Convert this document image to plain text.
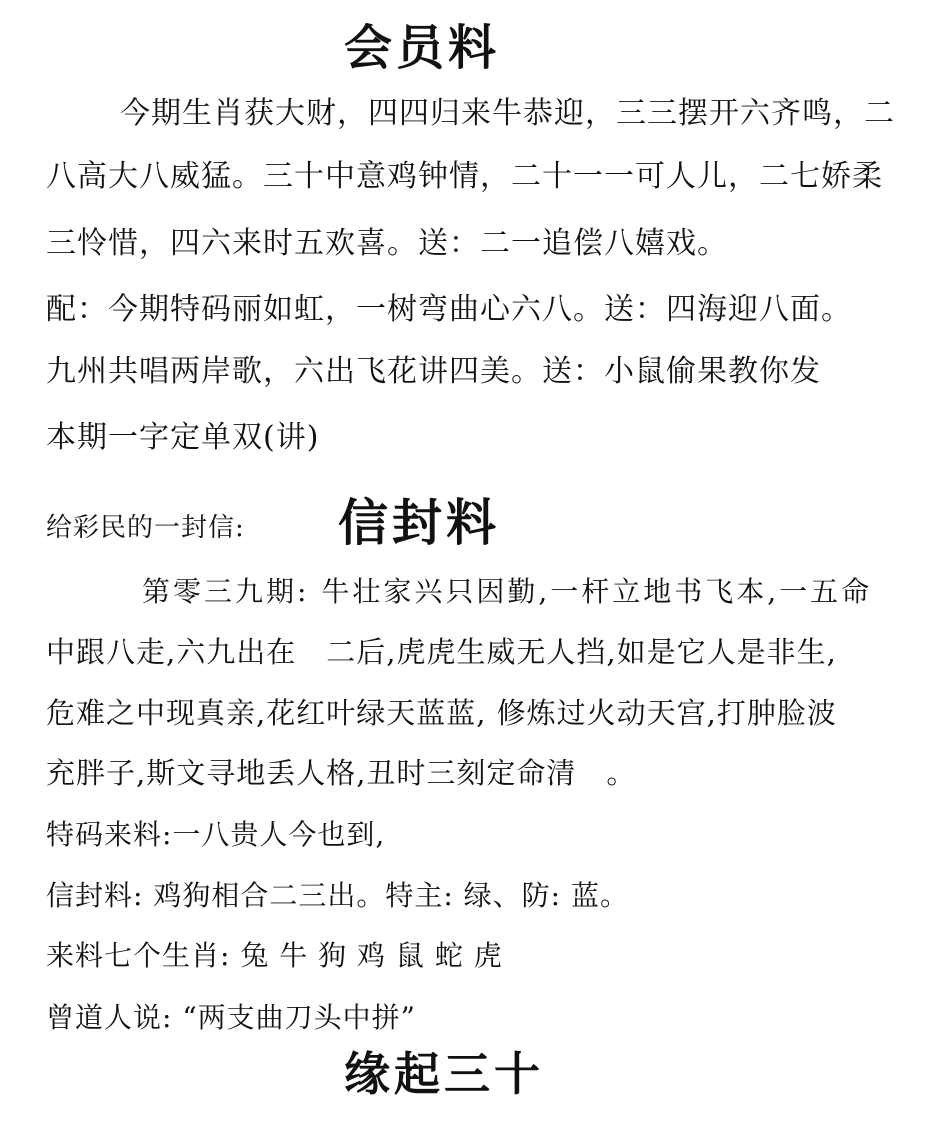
会员料
今期生肖获大财，四四归来牛恭迎，三三摆开六齐鸣，二
八高大八威猛。三十中意鸡钟情，二十一一可人儿，二七娇柔
三怜惜，四六来时五欢喜。送：二一追偿八嬉戏。
配：今期特码丽如虹，一树弯曲心六八。送：四海迎八面。
九州共唱两岸歌，六出飞花讲四美。送：小鼠偷果教你发
本期一字定单双(讲)
给彩民的一封信: 信封料
第零三九期: 牛壮家兴只因勤,一杆立地书飞本,一五命
中跟八走,六九出在　二后,虎虎生威无人挡,如是它人是非生,
危难之中现真亲,花红叶绿天蓝蓝, 修炼过火动天宫,打肿脸波
充胖子,斯文寻地丢人格,丑时三刻定命清　。
特码来料:一八贵人今也到,
信封料: 鸡狗相合二三出。特主: 绿、防: 蓝。
来料七个生肖: 兔 牛 狗 鸡 鼠 蛇 虎
曾道人说: “两支曲刀头中拼”
缘起三十
